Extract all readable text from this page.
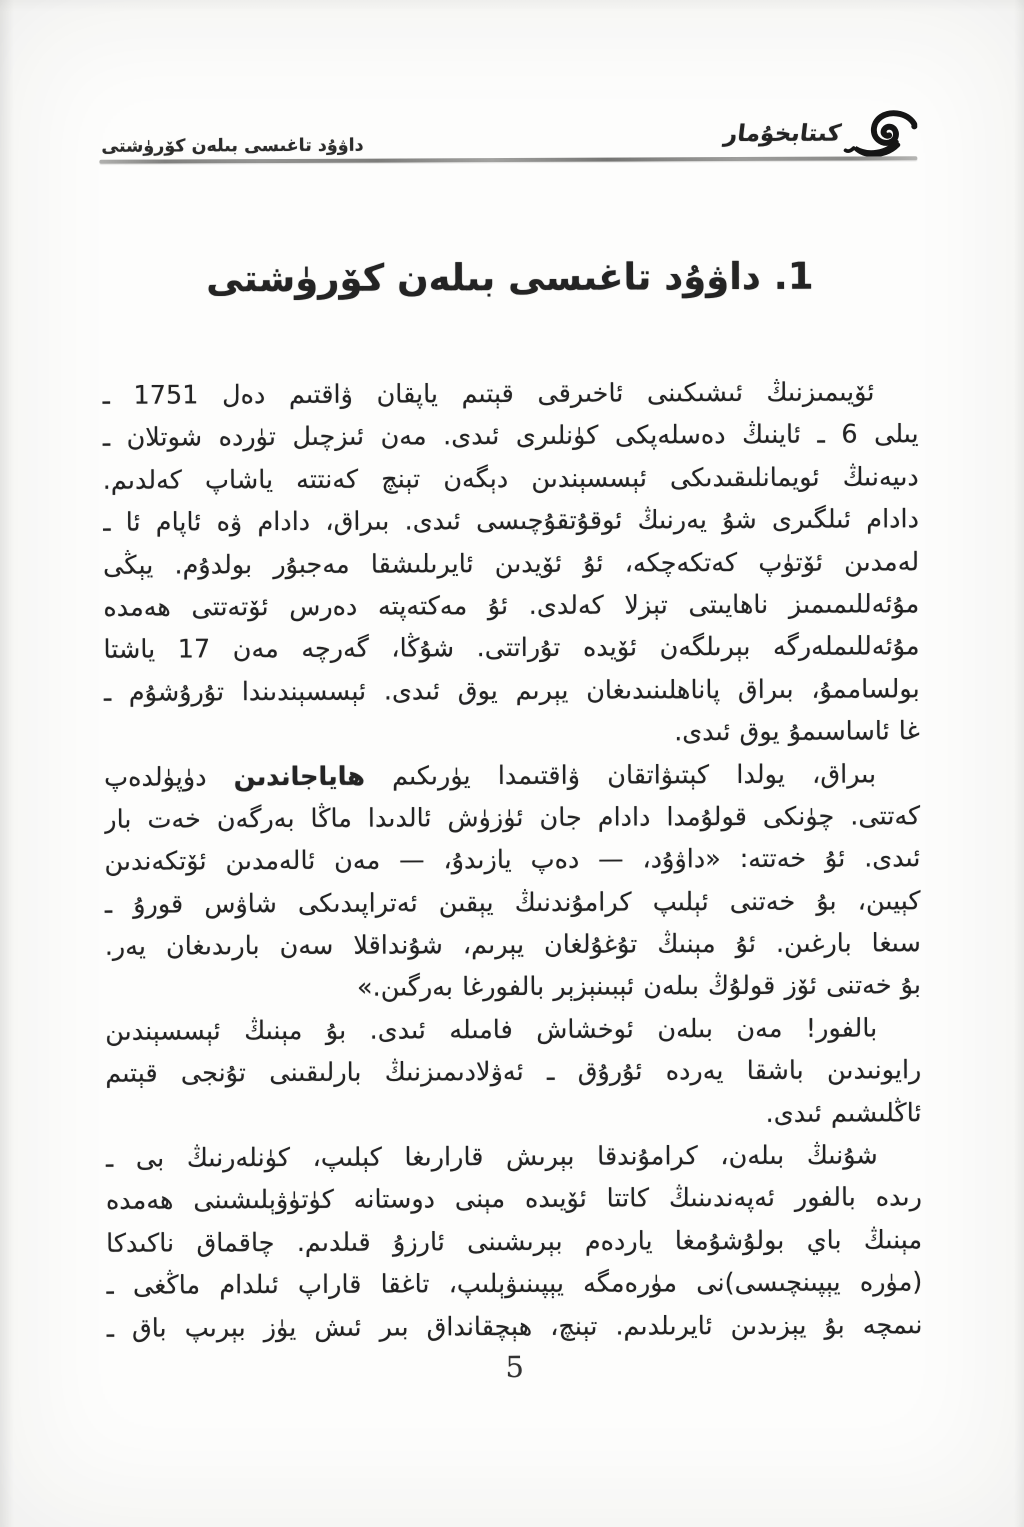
كىتابخۇمار
داۋۇد تاغىسى بىلەن كۆرۈشتى
1. داۋۇد تاغىسى بىلەن كۆرۈشتى
ئۆيىمىزنىڭ ئىشىكىنى ئاخىرقى قېتىم ياپقان ۋاقتىم دەل 1751 ـ
يىلى 6 ـ ئاينىڭ دەسلەپكى كۈنلىرى ئىدى. مەن ئىزچىل تۈردە شوتلان ـ
دىيەنىڭ ئويمانلىقىدىكى ئېسسېندىن دېگەن تېنچ كەنتتە ياشاپ كەلدىم.
دادام ئىلگىرى شۇ يەرنىڭ ئوقۇتقۇچىسى ئىدى. بىراق، دادام ۋە ئاپام ئا ـ
لەمدىن ئۆتۈپ كەتكەچكە، ئۇ ئۆيدىن ئايرىلىشقا مەجبۇر بولدۇم. يېڭى
مۇئەللىمىمىز ناھايىتى تېزلا كەلدى. ئۇ مەكتەپتە دەرس ئۆتەتتى ھەمدە
مۇئەللىملەرگە بېرىلگەن ئۆيدە تۇراتتى. شۇڭا، گەرچە مەن 17 ياشتا
بولساممۇ، بىراق پاناھلىنىدىغان يېرىم يوق ئىدى. ئېسسېندىندا تۇرۇشۇم ـ
غا ئاساسىمۇ يوق ئىدى.
بىراق، يولدا كېتىۋاتقان ۋاقتىمدا يۈرىكىم ھاياجاندىن دۈپۈلدەپ
كەتتى. چۈنكى قولۇمدا دادام جان ئۈزۈش ئالدىدا ماڭا بەرگەن خەت بار
ئىدى. ئۇ خەتتە: «داۋۇد، — دەپ يازىدۇ، — مەن ئالەمدىن ئۆتكەندىن
كېيىن، بۇ خەتنى ئېلىپ كرامۇندنىڭ يېقىن ئەتراپىدىكى شاۋس قورۇ ـ
سىغا بارغىن. ئۇ مېنىڭ تۇغۇلغان يېرىم، شۇنداقلا سەن بارىدىغان يەر.
بۇ خەتنى ئۆز قولۇڭ بىلەن ئېبىنېزېر بالفورغا بەرگىن.»
بالفور! مەن بىلەن ئوخشاش فامىلە ئىدى. بۇ مېنىڭ ئېسسېندىن
رايونىدىن باشقا يەردە ئۇرۇق ـ ئەۋلادىمىزنىڭ بارلىقىنى تۇنجى قېتىم
ئاڭلىشىم ئىدى.
شۇنىڭ بىلەن، كرامۇندقا بېرىش قارارىغا كېلىپ، كۈنلەرنىڭ بى ـ
رىدە بالفور ئەپەندىنىڭ كاتتا ئۆيىدە مېنى دوستانە كۈتۈۋېلىشىنى ھەمدە
مېنىڭ باي بولۇشۇمغا ياردەم بېرىشىنى ئارزۇ قىلدىم. چاقماق ناكىدكا
(مۈرە يېپىنچىسى)نى مۈرەمگە يېپىنىۋېلىپ، تاغقا قاراپ ئىلدام ماڭغى ـ
نىمچە بۇ يېزىدىن ئايرىلدىم. تېنچ، ھېچقانداق بىر ئىش يۈز بېرىپ باق ـ
5
